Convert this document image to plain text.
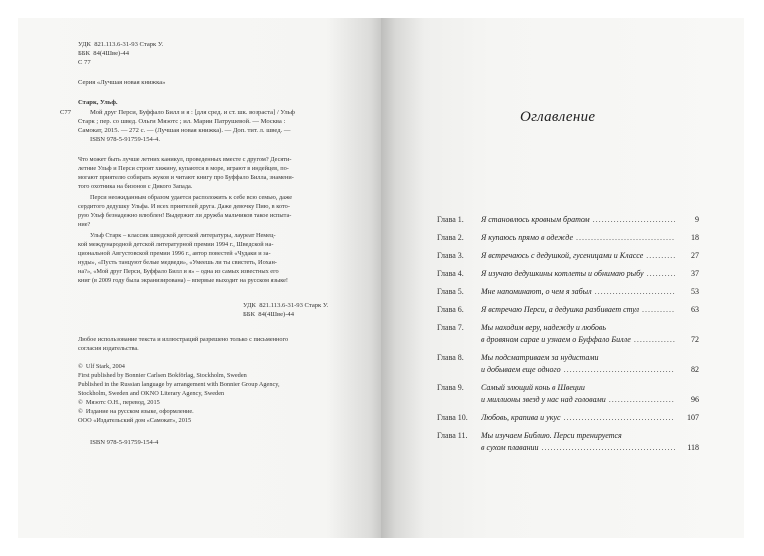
УДК  821.113.6-31-93 Старк У.
ББК  84(4Шве)-44
С 77
Серия «Лучшая новая книжка»
Старк, Ульф.
С77	Мой друг Перси, Буффало Билл и я : [для сред. и ст. шк. возраста] / Ульф
Старк ; пер. со швед. Ольги Мяэотс ; ил. Марии Патрушевой. — Москва :
Самокат, 2015. — 272 с. — (Лучшая новая книжка). — Доп. тит. л. швед. —
ISBN 978-5-91759-154-4.
Что может быть лучше летних каникул, проведенных вместе с другом? Десяти-
летние Ульф и Перси строят хижину, купаются в море, играют в индейцев, по-
могают приятелю собирать жуков и читают книгу про Буффало Билла, знамени-
того охотника на бизонов с Дикого Запада.
Перси неожиданным образом удается расположить к себе всю семью, даже
сердитого дедушку Ульфа. И всех приятелей друга. Даже девочку Пию, в кото-
рую Ульф безнадежно влюблен! Выдержит ли дружба мальчиков такое испыта-
ние?
Ульф Старк – классик шведской детской литературы, лауреат Немец-
кой международной детской литературной премии 1994 г., Шведской на-
циональной Августовской премии 1996 г., автор повестей «Чудаки и за-
нуды», «Пусть танцуют белые медведи», «Умеешь ли ты свистеть, Иохан-
на?», «Мой друг Перси, Буффало Билл и я» – одна из самых известных его
книг (в 2009 году была экранизирована) – впервые выходит на русском языке!
УДК  821.113.6-31-93 Старк У.
ББК  84(4Шве)-44
Любое использование текста и иллюстраций разрешено только с письменного
согласия издательства.
©  Ulf Stark, 2004
First published by Bonnier Carlsen Bokförlag, Stockholm, Sweden
Published in the Russian language by arrangement with Bonnier Group Agency,
Stockholm, Sweden and OKNO Literary Agency, Sweden
©  Мяэотс О.Н., перевод, 2015
©  Издание на русском языке, оформление.
ООО «Издательский дом «Самокат», 2015
ISBN 978-5-91759-154-4
Оглавление
Глава 1. Я становлюсь кровным братом .....	9
Глава 2. Я купаюсь прямо в одежде .....	18
Глава 3. Я встречаюсь с дедушкой, гусеницами и Классе .....	27
Глава 4. Я изучаю дедушкины котлеты и обнимаю рыбу .....	37
Глава 5. Мне напоминают, о чем я забыл .....	53
Глава 6. Я встречаю Перси, а дедушка разбивает стул .....	63
Глава 7. Мы находим веру, надежду и любовь
в дровяном сарае и узнаем о Буффало Билле .....	72
Глава 8. Мы подсматриваем за нудистами
и добываем еще одного .....	82
Глава 9. Самый злющий конь в Швеции
и миллионы звезд у нас над головами .....	96
Глава 10. Любовь, крапива и укус .....	107
Глава 11. Мы изучаем Библию. Перси тренируется
в сухом плавании .....	118
